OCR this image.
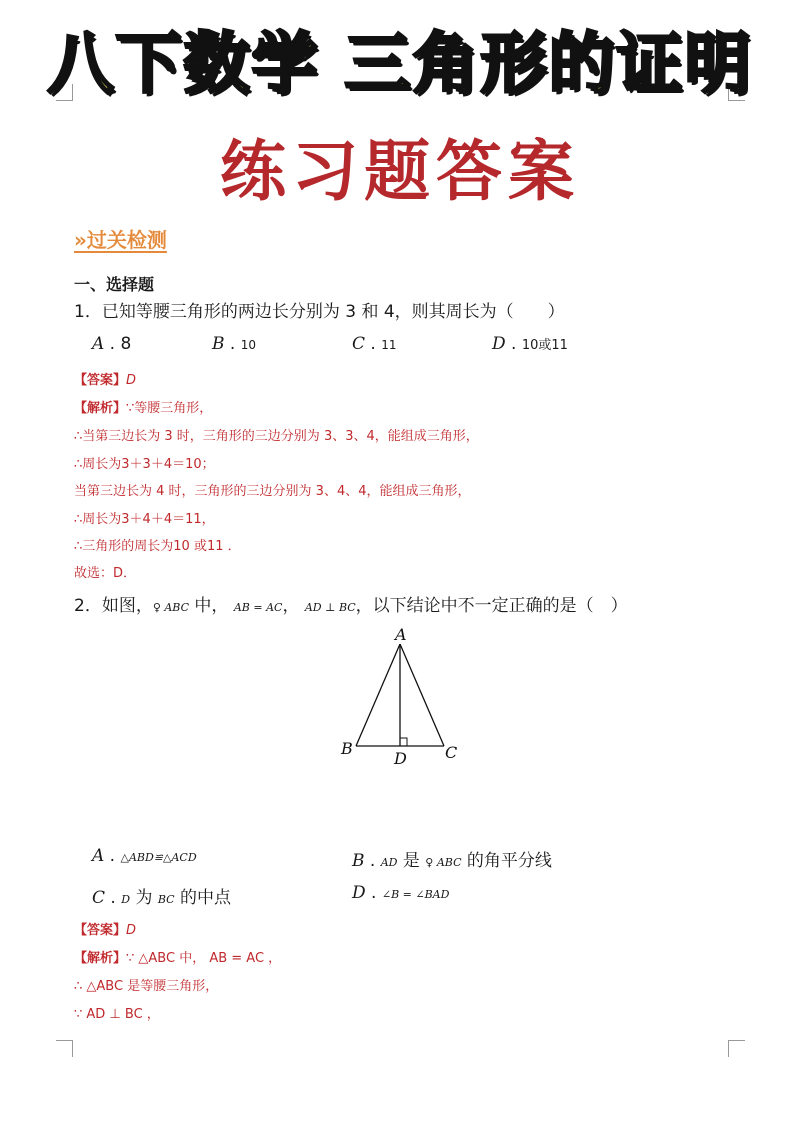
八下数学 三角形的证明
练习题答案
»过关检测
一、选择题
1．已知等腰三角形的两边长分别为 3 和 4，则其周长为（　　）
A . 8	B . 10	C . 11	D . 10或11
【答案】D
【解析】∵等腰三角形，
∴当第三边长为 3 时，三角形的三边分别为 3、3、4，能组成三角形，
∴周长为3＋3＋4＝10；
当第三边长为 4 时，三角形的三边分别为 3、4、4，能组成三角形，
∴周长为3＋4＋4＝11，
∴三角形的周长为10 或11 ．
故选：D．
2．如图，♀ ABC 中， AB = AC， AD ⊥ BC，以下结论中不一定正确的是（　）
A
B	C
D
A . △ABD≌△ACD	B . AD 是 ♀ ABC 的角平分线
C . D 为 BC 的中点	D . ∠B = ∠BAD
【答案】D
【解析】∵ △ABC 中， AB = AC ，
∴ △ABC 是等腰三角形，
∵ AD ⊥ BC ，
